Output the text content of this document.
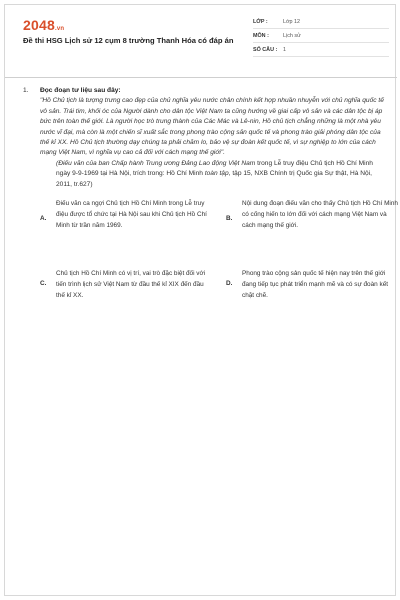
2048.vn
Đề thi HSG Lịch sử 12 cụm 8 trường Thanh Hóa có đáp án
LỚP :	Lớp 12
MÔN :	Lịch sử
SỐ CÂU :	1
1. Đọc đoạn tư liệu sau đây:
"Hồ Chủ tịch là tượng trưng cao đẹp của chủ nghĩa yêu nước chân chính kết hợp nhuần nhuyễn với chủ nghĩa quốc tế vô sản. Trái tim, khối óc của Người dành cho dân tộc Việt Nam ta cũng hướng về giai cấp vô sản và các dân tộc bị áp bức trên toàn thế giới. Là người học trò trung thành của Các Mác và Lê-nin, Hồ chủ tịch chẳng những là một nhà yêu nước vĩ đại, mà còn là một chiến sĩ xuất sắc trong phong trào cộng sản quốc tế và phong trào giải phóng dân tộc của thế kỉ XX. Hồ Chủ tịch thường dạy chúng ta phải chăm lo, bảo vệ sự đoàn kết quốc tế, vì sự nghiệp to lớn của cách mạng Việt Nam, vì nghĩa vụ cao cả đối với cách mạng thế giới".
(Điếu văn của ban Chấp hành Trung ương Đảng Lao động Việt Nam trong Lễ truy điệu Chủ tịch Hồ Chí Minh ngày 9-9-1969 tại Hà Nội, trích trong: Hồ Chí Minh toàn tập, tập 15, NXB Chính trị Quốc gia Sự thật, Hà Nội, 2011, tr.627)
A.
Điếu văn ca ngợi Chủ tịch Hồ Chí Minh trong Lễ truy điệu được tổ chức tại Hà Nội sau khi Chủ tịch Hồ Chí Minh từ trần năm 1969.
B.
Nội dung đoạn điếu văn cho thấy Chủ tịch Hồ Chí Minh có cống hiến to lớn đối với cách mạng Việt Nam và cách mạng thế giới.
C.
Chủ tịch Hồ Chí Minh có vị trí, vai trò đặc biệt đối với tiến trình lịch sử Việt Nam từ đầu thế kỉ XIX đến đầu thế kỉ XX.
D.
Phong trào cộng sản quốc tế hiện nay trên thế giới đang tiếp tục phát triển mạnh mẽ và có sự đoàn kết chặt chẽ.
